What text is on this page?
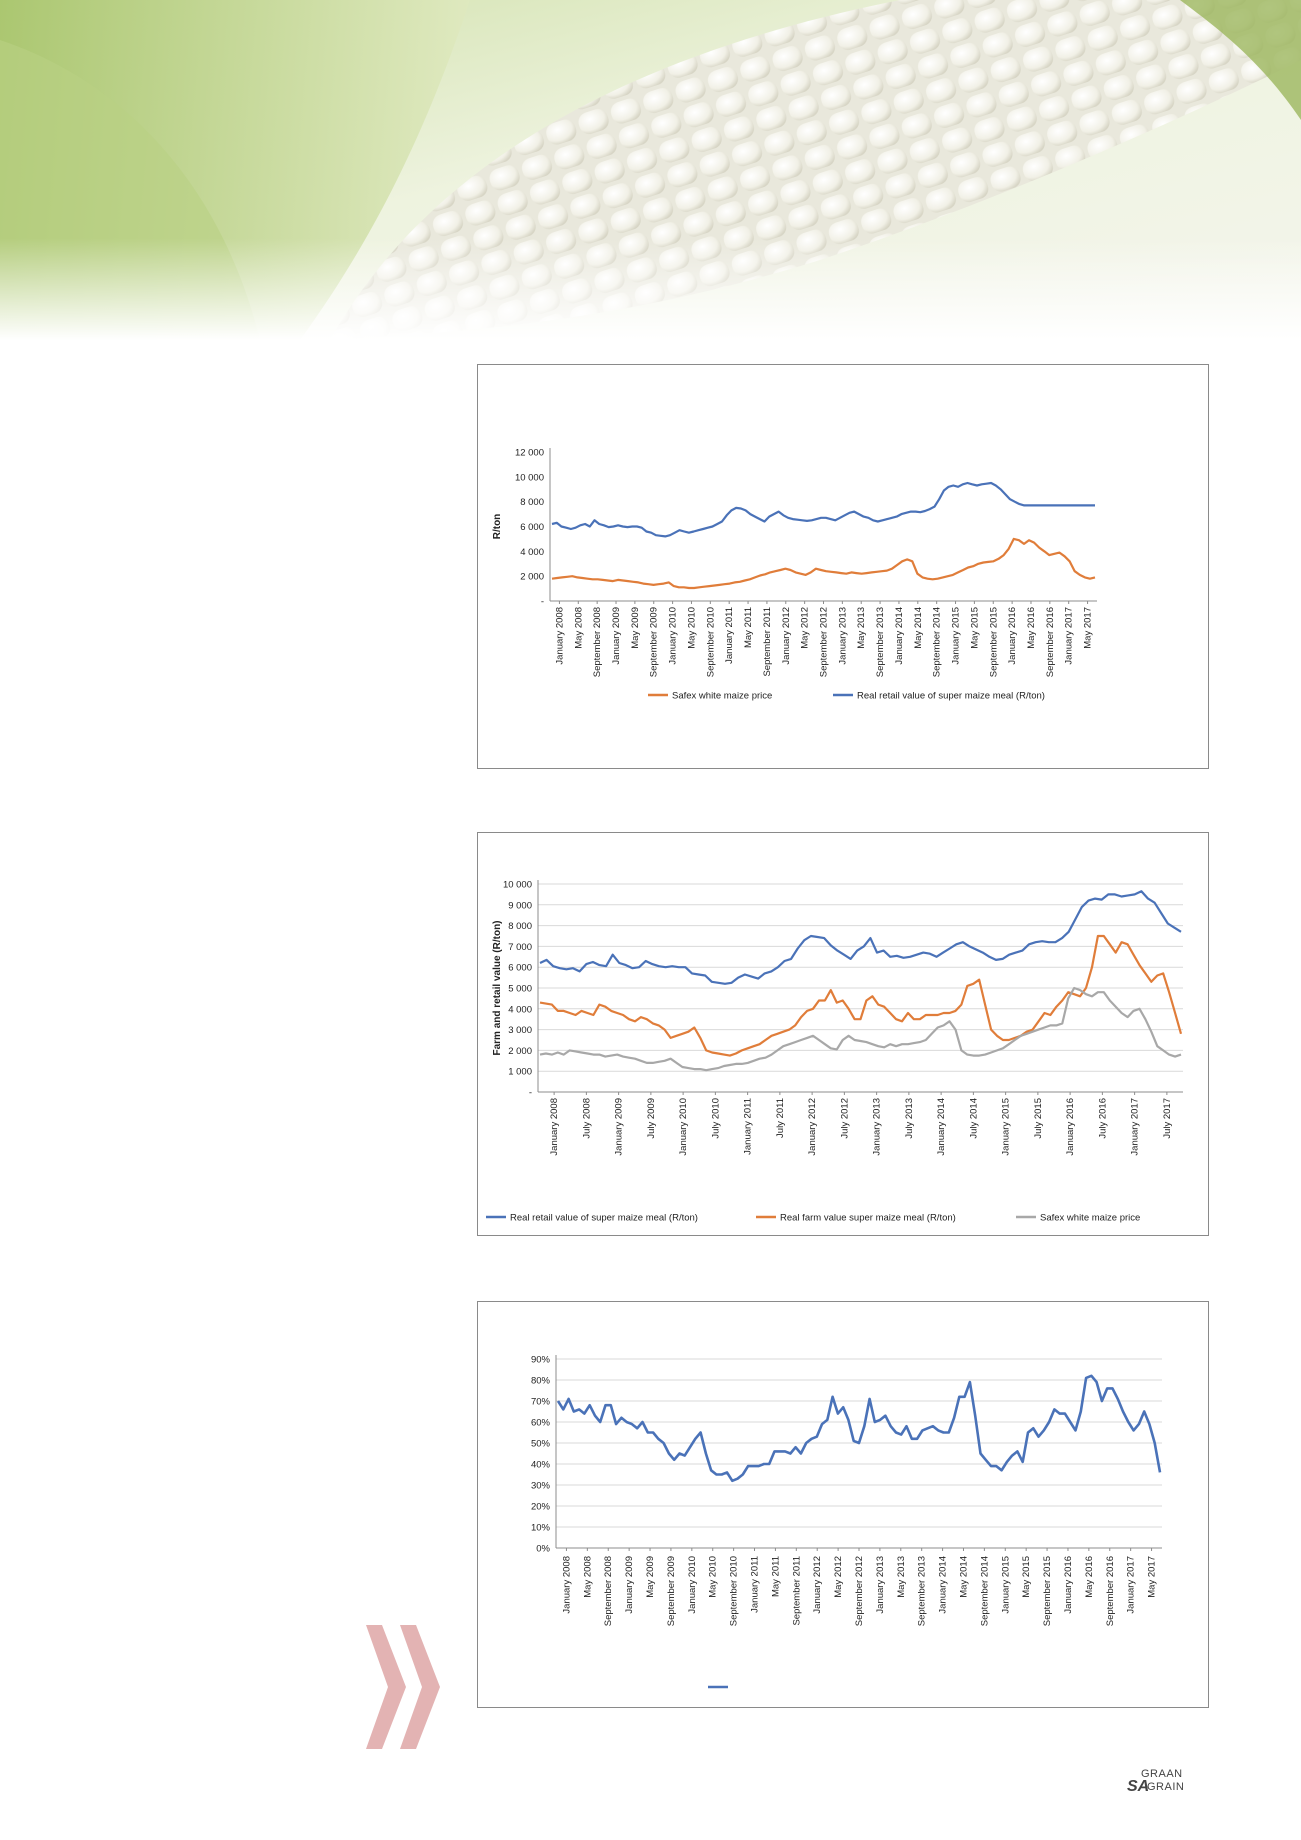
12 000
10 000
8 000
6 000
4 000
2 000
-
R/ton
January 2008 May 2008 September 2008 January 2009 May 2009 September 2009 January 2010 May 2010 September 2010 January 2011 May 2011 September 2011 January 2012 May 2012 September 2012 January 2013 May 2013 September 2013 January 2014 May 2014 September 2014 January 2015 May 2015 September 2015 January 2016 May 2016 September 2016 January 2017 May 2017
Safex white maize price	Real retail value of super maize meal (R/ton)
10 000
9 000
8 000
7 000
6 000
5 000
4 000
3 000
2 000
1 000
-
Farm and retail value (R/ton)
January 2008 July 2008 January 2009 July 2009 January 2010 July 2010 January 2011 July 2011 January 2012 July 2012 January 2013 July 2013 January 2014 July 2014 January 2015 July 2015 January 2016 July 2016 January 2017 July 2017
Real retail value of super maize meal (R/ton)	Real farm value super maize meal (R/ton)	Safex white maize price
90%
80%
70%
60%
50%
40%
30%
20%
10%
0%
January 2008 May 2008 September 2008 January 2009 May 2009 September 2009 January 2010 May 2010 September 2010 January 2011 May 2011 September 2011 January 2012 May 2012 September 2012 January 2013 May 2013 September 2013 January 2014 May 2014 September 2014 January 2015 May 2015 September 2015 January 2016 May 2016 September 2016 January 2017 May 2017
GRAAN
SA
GRAIN
